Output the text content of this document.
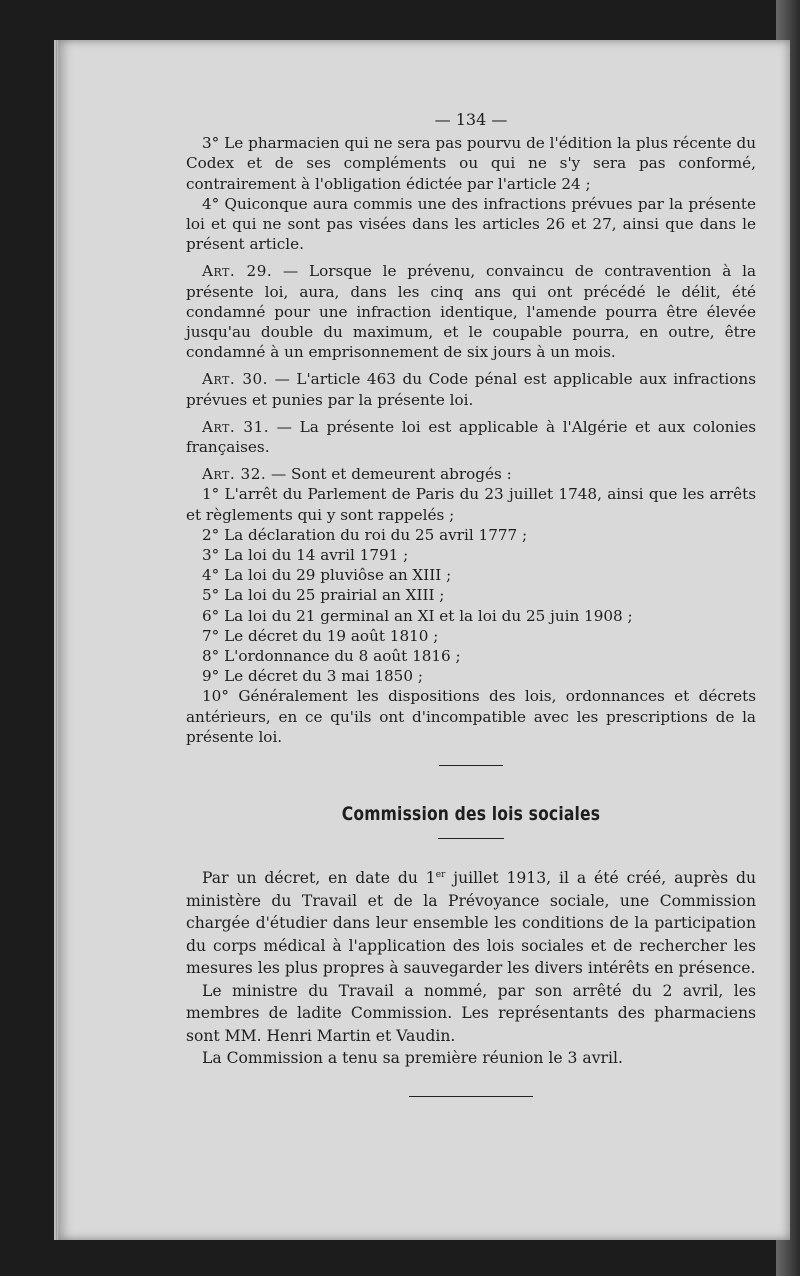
— 134 —

3° Le pharmacien qui ne sera pas pourvu de l'édition la plus récente du Codex et de ses compléments ou qui ne s'y sera pas conformé, contrairement à l'obligation édictée par l'article 24 ;

4° Quiconque aura commis une des infractions prévues par la présente loi et qui ne sont pas visées dans les articles 26 et 27, ainsi que dans le présent article.

Art. 29. — Lorsque le prévenu, convaincu de contravention à la présente loi, aura, dans les cinq ans qui ont précédé le délit, été condamné pour une infraction identique, l'amende pourra être élevée jusqu'au double du maximum, et le coupable pourra, en outre, être condamné à un emprisonnement de six jours à un mois.

Art. 30. — L'article 463 du Code pénal est applicable aux infractions prévues et punies par la présente loi.

Art. 31. — La présente loi est applicable à l'Algérie et aux colonies françaises.

Art. 32. — Sont et demeurent abrogés :

1° L'arrêt du Parlement de Paris du 23 juillet 1748, ainsi que les arrêts et règlements qui y sont rappelés ;
2° La déclaration du roi du 25 avril 1777 ;
3° La loi du 14 avril 1791 ;
4° La loi du 29 pluviôse an XIII ;
5° La loi du 25 prairial an XIII ;
6° La loi du 21 germinal an XI et la loi du 25 juin 1908 ;
7° Le décret du 19 août 1810 ;
8° L'ordonnance du 8 août 1816 ;
9° Le décret du 3 mai 1850 ;
10° Généralement les dispositions des lois, ordonnances et décrets antérieurs, en ce qu'ils ont d'incompatible avec les prescriptions de la présente loi.
Commission des lois sociales

Par un décret, en date du 1er juillet 1913, il a été créé, auprès du ministère du Travail et de la Prévoyance sociale, une Commission chargée d'étudier dans leur ensemble les conditions de la participation du corps médical à l'application des lois sociales et de rechercher les mesures les plus propres à sauvegarder les divers intérêts en présence.

Le ministre du Travail a nommé, par son arrêté du 2 avril, les membres de ladite Commission. Les représentants des pharmaciens sont MM. Henri Martin et Vaudin.

La Commission a tenu sa première réunion le 3 avril.
